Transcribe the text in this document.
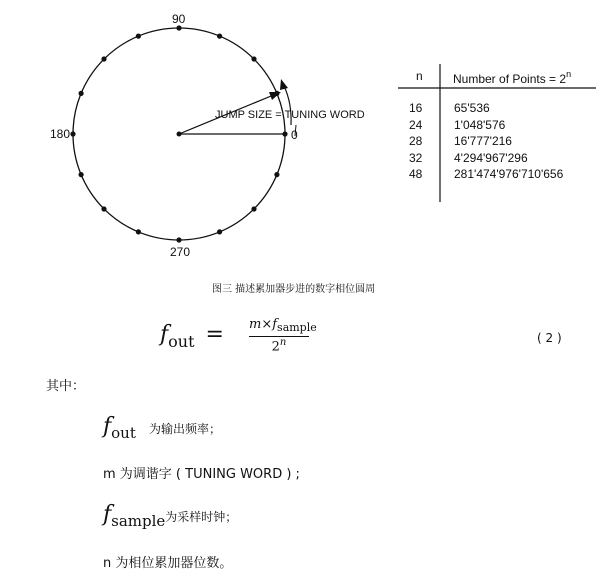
90
180
270
0
JUMP SIZE = TUNING WORD
n	Number of Points = $2^n$
16
24
28
32
48
65'536
1'048'576
16'777'216
4'294'967'296
281'474'976'710'656
图三 描述累加器步进的数字相位圆周
$f_{out} = m\times f_{sample}$
2$^n$	( 2 )
其中：
fout 为输出频率；
m 为调谐字 ( TUNING WORD ) ;
fsample为采样时钟；
n 为相位累加器位数。
